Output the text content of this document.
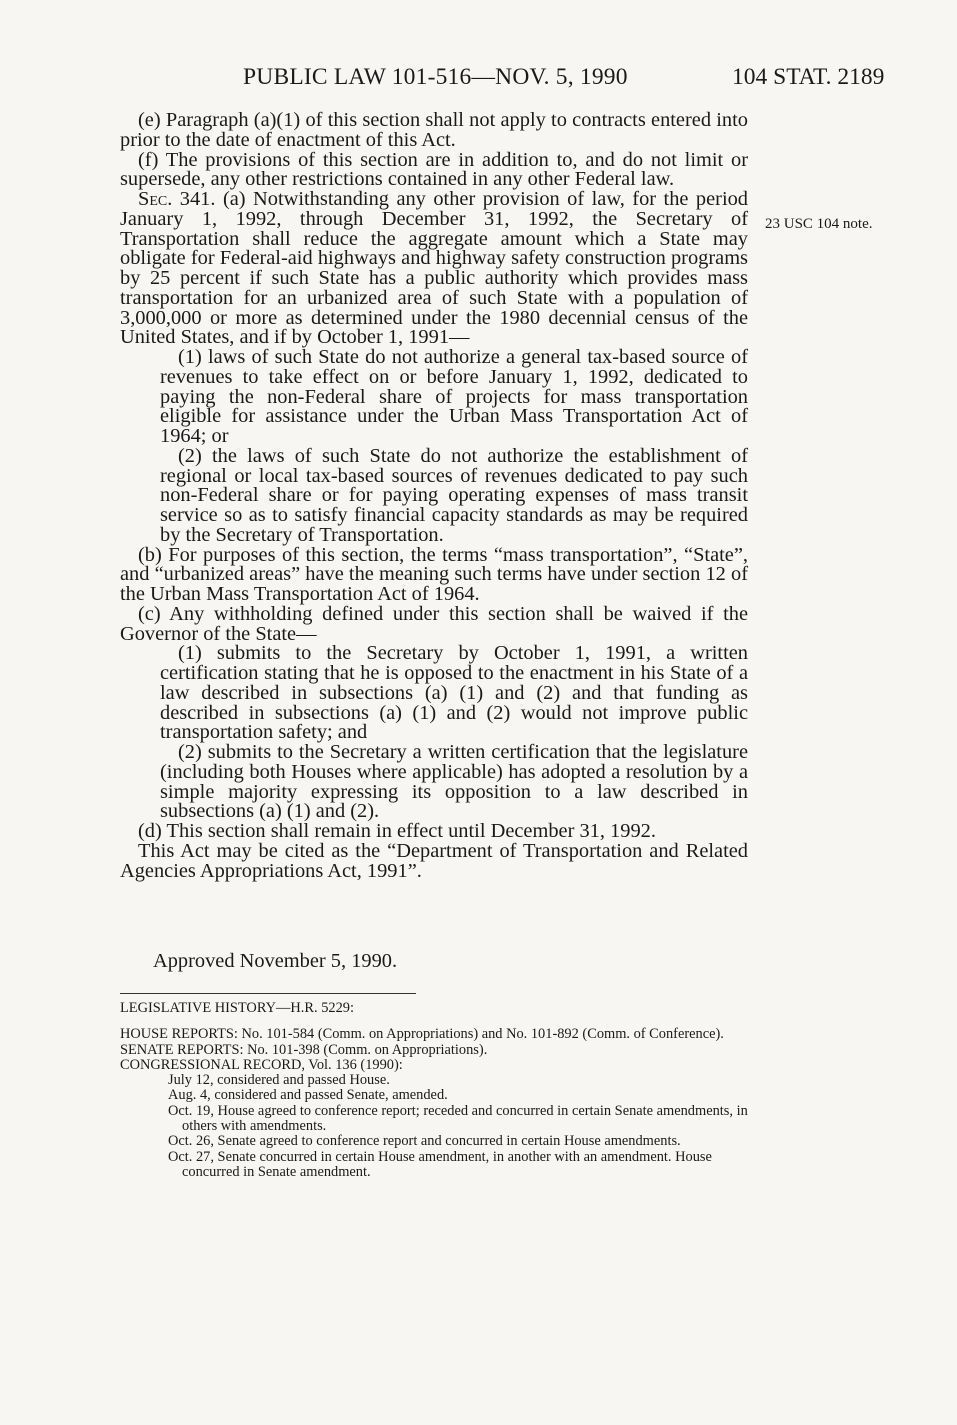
PUBLIC LAW 101-516—NOV. 5, 1990	104 STAT. 2189
23 USC 104 note.

(e) Paragraph (a)(1) of this section shall not apply to contracts entered into prior to the date of enactment of this Act.

(f) The provisions of this section are in addition to, and do not limit or supersede, any other restrictions contained in any other Federal law.

Sec. 341. (a) Notwithstanding any other provision of law, for the period January 1, 1992, through December 31, 1992, the Secretary of Transportation shall reduce the aggregate amount which a State may obligate for Federal-aid highways and highway safety construction programs by 25 percent if such State has a public authority which provides mass transportation for an urbanized area of such State with a population of 3,000,000 or more as determined under the 1980 decennial census of the United States, and if by October 1, 1991—

(1) laws of such State do not authorize a general tax-based source of revenues to take effect on or before January 1, 1992, dedicated to paying the non-Federal share of projects for mass transportation eligible for assistance under the Urban Mass Transportation Act of 1964; or

(2) the laws of such State do not authorize the establishment of regional or local tax-based sources of revenues dedicated to pay such non-Federal share or for paying operating expenses of mass transit service so as to satisfy financial capacity standards as may be required by the Secretary of Transportation.

(b) For purposes of this section, the terms “mass transportation”, “State”, and “urbanized areas” have the meaning such terms have under section 12 of the Urban Mass Transportation Act of 1964.

(c) Any withholding defined under this section shall be waived if the Governor of the State—

(1) submits to the Secretary by October 1, 1991, a written certification stating that he is opposed to the enactment in his State of a law described in subsections (a) (1) and (2) and that funding as described in subsections (a) (1) and (2) would not improve public transportation safety; and

(2) submits to the Secretary a written certification that the legislature (including both Houses where applicable) has adopted a resolution by a simple majority expressing its opposition to a law described in subsections (a) (1) and (2).

(d) This section shall remain in effect until December 31, 1992.

This Act may be cited as the “Department of Transportation and Related Agencies Appropriations Act, 1991”.

Approved November 5, 1990.

LEGISLATIVE HISTORY—H.R. 5229:

HOUSE REPORTS: No. 101-584 (Comm. on Appropriations) and No. 101-892 (Comm. of Conference).

SENATE REPORTS: No. 101-398 (Comm. on Appropriations).

CONGRESSIONAL RECORD, Vol. 136 (1990):

July 12, considered and passed House.

Aug. 4, considered and passed Senate, amended.

Oct. 19, House agreed to conference report; receded and concurred in certain Senate amendments, in others with amendments.

Oct. 26, Senate agreed to conference report and concurred in certain House amendments.

Oct. 27, Senate concurred in certain House amendment, in another with an amendment. House concurred in Senate amendment.
